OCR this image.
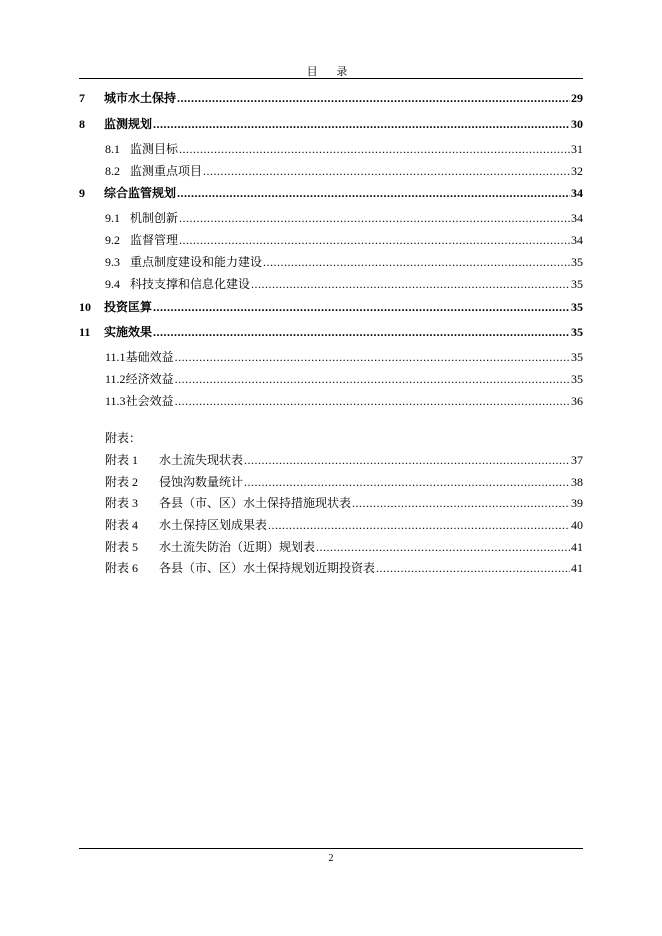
目 录
7	城市水土保持 .....	29
8	监测规划 .....	30
8.1 监测目标 .....	31
8.2 监测重点项目 .....	32
9	综合监管规划 .....	34
9.1 机制创新 .....	34
9.2 监督管理 .....	34
9.3 重点制度建设和能力建设 .....	35
9.4 科技支撑和信息化建设 .....	35
10	投资匡算 .....	35
11	实施效果 .....	35
11.1 基础效益 .....	35
11.2 经济效益 .....	35
11.3 社会效益 .....	36
附表：
附表 1	水土流失现状表 .....	37
附表 2	侵蚀沟数量统计 .....	38
附表 3	各县（市、区）水土保持措施现状表 .....	39
附表 4	水土保持区划成果表 .....	40
附表 5	水土流失防治（近期）规划表 .....	41
附表 6	各县（市、区）水土保持规划近期投资表 .....	41
2
